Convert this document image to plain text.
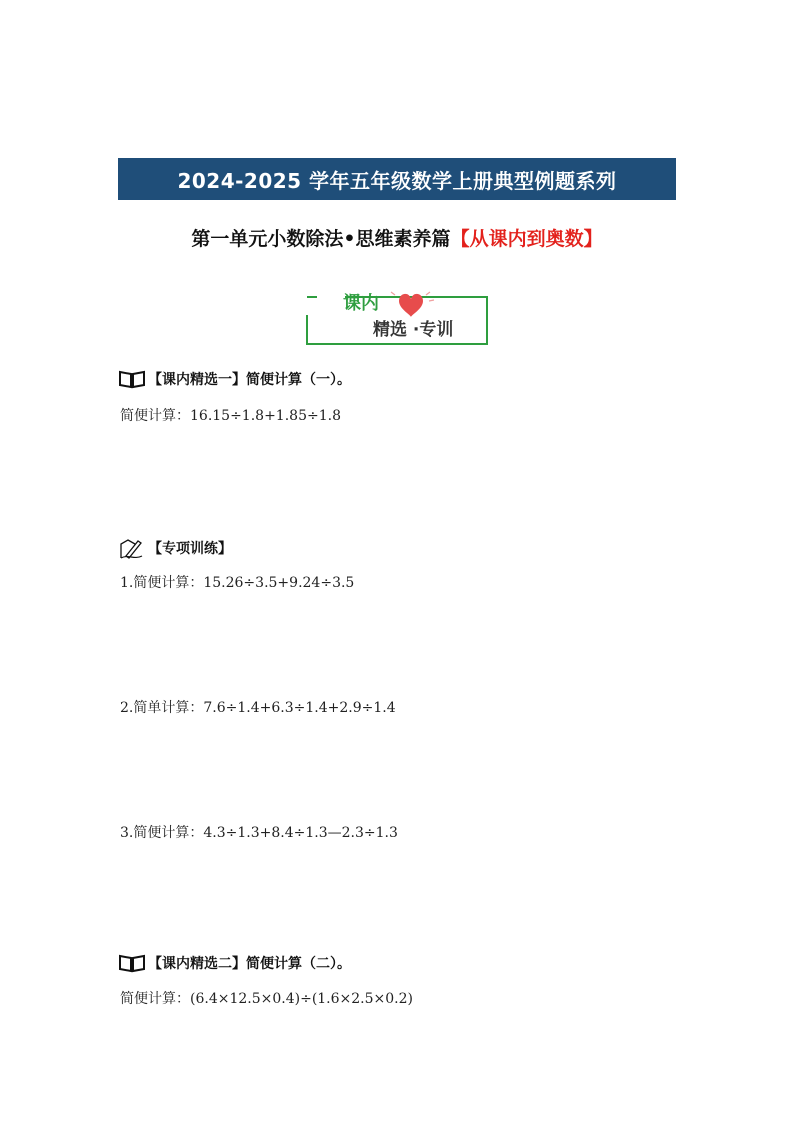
2024-2025 学年五年级数学上册典型例题系列
第一单元小数除法•思维素养篇【从课内到奥数】
课内
精选 ·专训
【课内精选一】简便计算（一）。
简便计算：16.15÷1.8+1.85÷1.8
【专项训练】
1.简便计算：15.26÷3.5+9.24÷3.5
2.简单计算：7.6÷1.4+6.3÷1.4+2.9÷1.4
3.简便计算：4.3÷1.3+8.4÷1.3—2.3÷1.3
【课内精选二】简便计算（二）。
简便计算：(6.4×12.5×0.4)÷(1.6×2.5×0.2)
